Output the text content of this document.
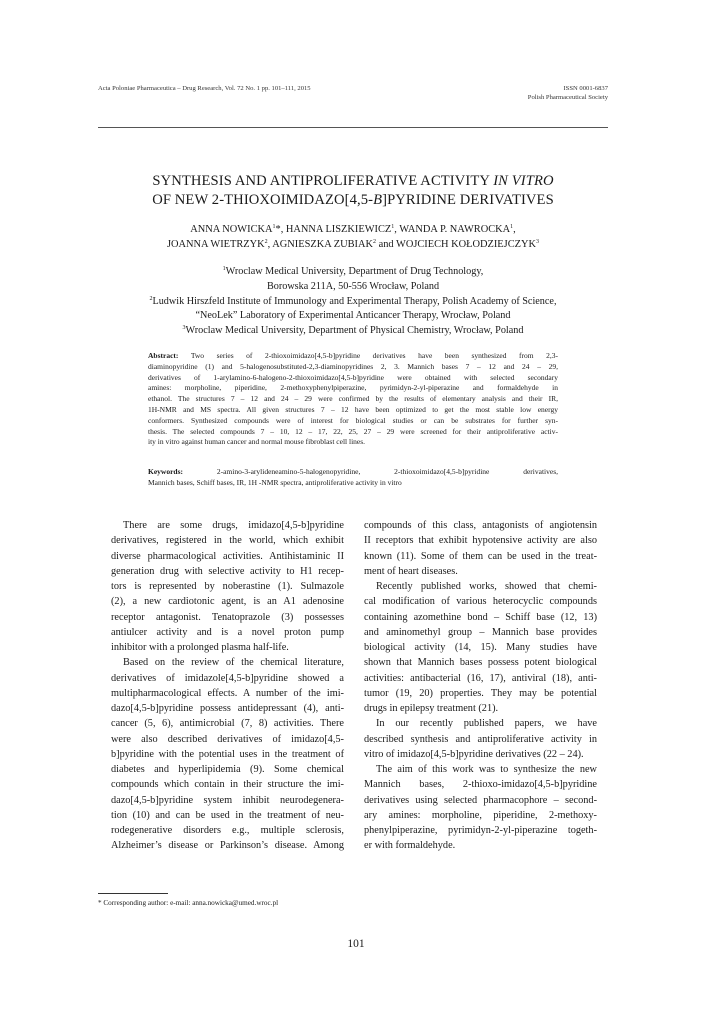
Acta Poloniae Pharmaceutica – Drug Research, Vol. 72 No. 1 pp. 101–111, 2015	ISSN 0001-6837
Polish Pharmaceutical Society
SYNTHESIS AND ANTIPROLIFERATIVE ACTIVITY IN VITRO
OF NEW 2-THIOXOIMIDAZO[4,5-B]PYRIDINE DERIVATIVES
ANNA NOWICKA$^1$*, HANNA LISZKIEWICZ$^1$, WANDA P. NAWROCKA$^1$,
JOANNA WIETRZYK$^2$, AGNIESZKA ZUBIAK$^2$ and WOJCIECH KOŁODZIEJCZYK$^3$
$^1$Wroclaw Medical University, Department of Drug Technology,
Borowska 211A, 50-556 Wrocław, Poland
$^2$Ludwik Hirszfeld Institute of Immunology and Experimental Therapy, Polish Academy of Science,
“NeoLek” Laboratory of Experimental Anticancer Therapy, Wrocław, Poland
$^3$Wroclaw Medical University, Department of Physical Chemistry, Wrocław, Poland
Abstract: Two series of 2-thioxoimidazo[4,5-b]pyridine derivatives have been synthesized from 2,3-
diaminopyridine (1) and 5-halogenosubstituted-2,3-diaminopyridines 2, 3. Mannich bases 7 – 12 and 24 – 29,
derivatives of 1-arylamino-6-halogeno-2-thioxoimidazo[4,5-b]pyridine were obtained with selected secondary
amines: morpholine, piperidine, 2-methoxyphenylpiperazine, pyrimidyn-2-yl-piperazine and formaldehyde in
ethanol. The structures 7 – 12 and 24 – 29 were confirmed by the results of elementary analysis and their IR,
1H-NMR and MS spectra. All given structures 7 – 12 have been optimized to get the most stable low energy
conformers. Synthesized compounds were of interest for biological studies or can be substrates for further syn-
thesis. The selected compounds 7 – 10, 12 – 17, 22, 25, 27 – 29 were screened for their antiproliferative activ-
ity in vitro against human cancer and normal mouse fibroblast cell lines.
Keywords: 2-amino-3-arylideneamino-5-halogenopyridine, 2-thioxoimidazo[4,5-b]pyridine derivatives,
Mannich bases, Schiff bases, IR, 1H -NMR spectra, antiproliferative activity in vitro
There are some drugs, imidazo[4,5-b]pyridine
derivatives, registered in the world, which exhibit
diverse pharmacological activities. Antihistaminic II
generation drug with selective activity to H1 recep-
tors is represented by noberastine (1). Sulmazole
(2), a new cardiotonic agent, is an A1 adenosine
receptor antagonist. Tenatoprazole (3) possesses
antiulcer activity and is a novel proton pump
inhibitor with a prolonged plasma half-life.
Based on the review of the chemical literature,
derivatives of imidazole[4,5-b]pyridine showed a
multipharmacological effects. A number of the imi-
dazo[4,5-b]pyridine possess antidepressant (4), anti-
cancer (5, 6), antimicrobial (7, 8) activities. There
were also described derivatives of imidazo[4,5-
b]pyridine with the potential uses in the treatment of
diabetes and hyperlipidemia (9). Some chemical
compounds which contain in their structure the imi-
dazo[4,5-b]pyridine system inhibit neurodegenera-
tion (10) and can be used in the treatment of neu-
rodegenerative disorders e.g., multiple sclerosis,
Alzheimer’s disease or Parkinson’s disease. Among
compounds of this class, antagonists of angiotensin
II receptors that exhibit hypotensive activity are also
known (11). Some of them can be used in the treat-
ment of heart diseases.
Recently published works, showed that chemi-
cal modification of various heterocyclic compounds
containing azomethine bond – Schiff base (12, 13)
and aminomethyl group – Mannich base provides
biological activity (14, 15). Many studies have
shown that Mannich bases possess potent biological
activities: antibacterial (16, 17), antiviral (18), anti-
tumor (19, 20) properties. They may be potential
drugs in epilepsy treatment (21).
In our recently published papers, we have
described synthesis and antiproliferative activity in
vitro of imidazo[4,5-b]pyridine derivatives (22 – 24).
The aim of this work was to synthesize the new
Mannich bases, 2-thioxo-imidazo[4,5-b]pyridine
derivatives using selected pharmacophore – second-
ary amines: morpholine, piperidine, 2-methoxy-
phenylpiperazine, pyrimidyn-2-yl-piperazine togeth-
er with formaldehyde.
* Corresponding author: e-mail: anna.nowicka@umed.wroc.pl
101
